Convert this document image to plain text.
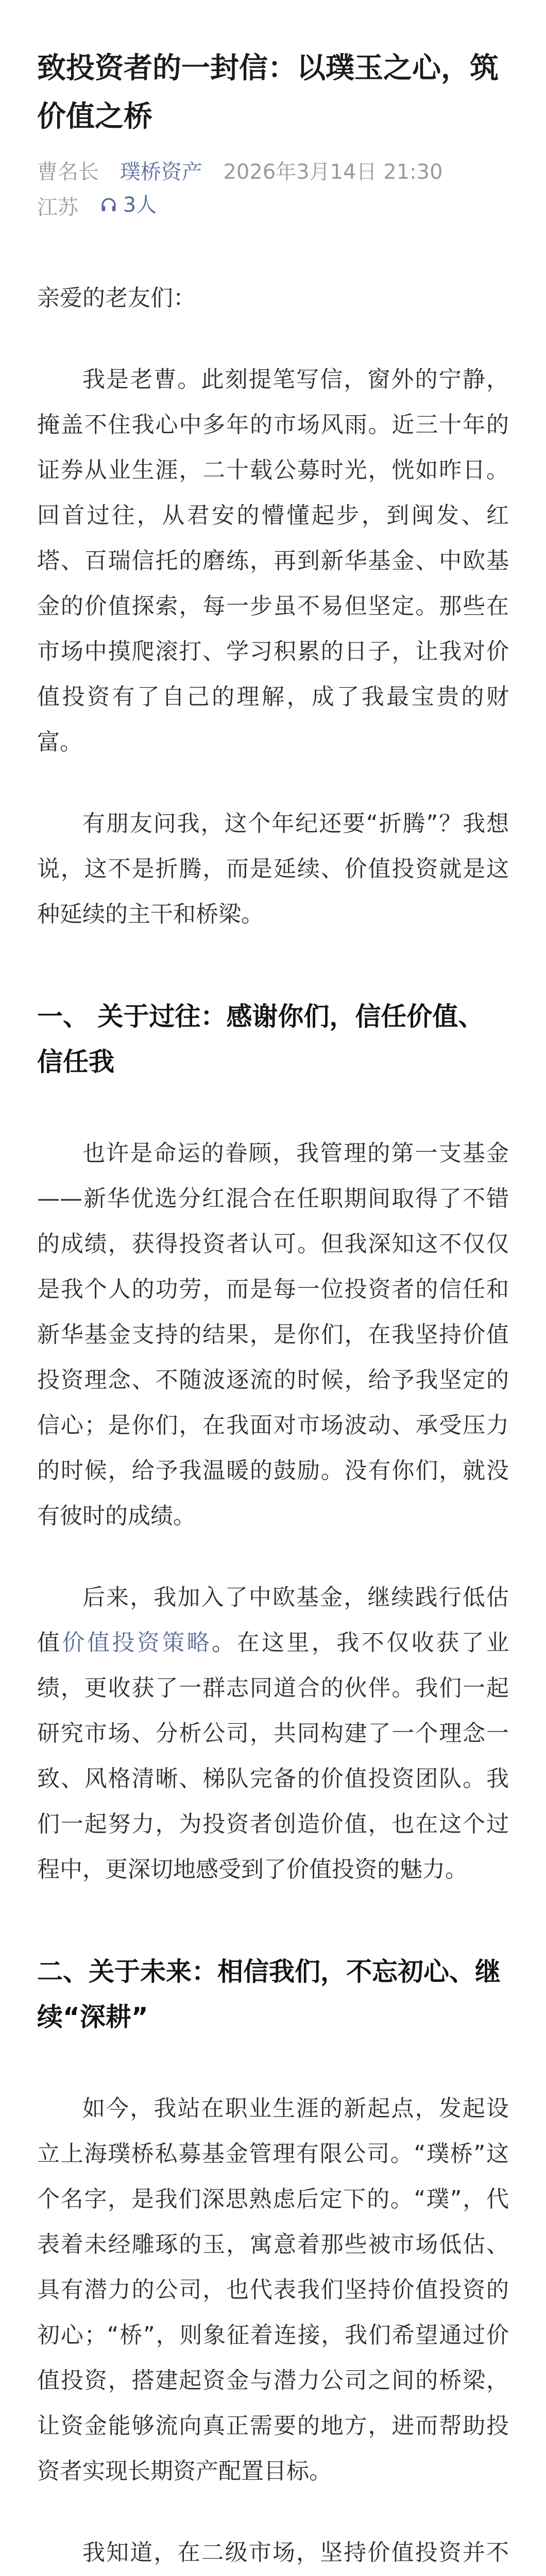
致投资者的一封信：以璞玉之心，筑价值之桥
曹名长 璞桥资产 2026年3月14日 21:30
江苏 3人

亲爱的老友们：

我是老曹。此刻提笔写信，窗外的宁静，掩盖不住我心中多年的市场风雨。近三十年的证券从业生涯，二十载公募时光，恍如昨日。回首过往，从君安的懵懂起步，到闽发、红塔、百瑞信托的磨练，再到新华基金、中欧基金的价值探索，每一步虽不易但坚定。那些在市场中摸爬滚打、学习积累的日子，让我对价值投资有了自己的理解，成了我最宝贵的财富。

有朋友问我，这个年纪还要“折腾”？我想说，这不是折腾，而是延续、价值投资就是这种延续的主干和桥梁。

一、 关于过往：感谢你们，信任价值、信任我

也许是命运的眷顾，我管理的第一支基金——新华优选分红混合在任职期间取得了不错的成绩，获得投资者认可。但我深知这不仅仅是我个人的功劳，而是每一位投资者的信任和新华基金支持的结果，是你们，在我坚持价值投资理念、不随波逐流的时候，给予我坚定的信心；是你们，在我面对市场波动、承受压力的时候，给予我温暖的鼓励。没有你们，就没有彼时的成绩。

后来，我加入了中欧基金，继续践行低估值价值投资策略。在这里，我不仅收获了业绩，更收获了一群志同道合的伙伴。我们一起研究市场、分析公司，共同构建了一个理念一致、风格清晰、梯队完备的价值投资团队。我们一起努力，为投资者创造价值，也在这个过程中，更深切地感受到了价值投资的魅力。

二、关于未来：相信我们，不忘初心、继续“深耕”

如今，我站在职业生涯的新起点，发起设立上海璞桥私募基金管理有限公司。“璞桥”这个名字，是我们深思熟虑后定下的。“璞”，代表着未经雕琢的玉，寓意着那些被市场低估、具有潜力的公司，也代表我们坚持价值投资的初心；“桥”，则象征着连接，我们希望通过价值投资，搭建起资金与潜力公司之间的桥梁，让资金能够流向真正需要的地方，进而帮助投资者实现长期资产配置目标。

我知道，在二级市场，坚持价值投资并不
